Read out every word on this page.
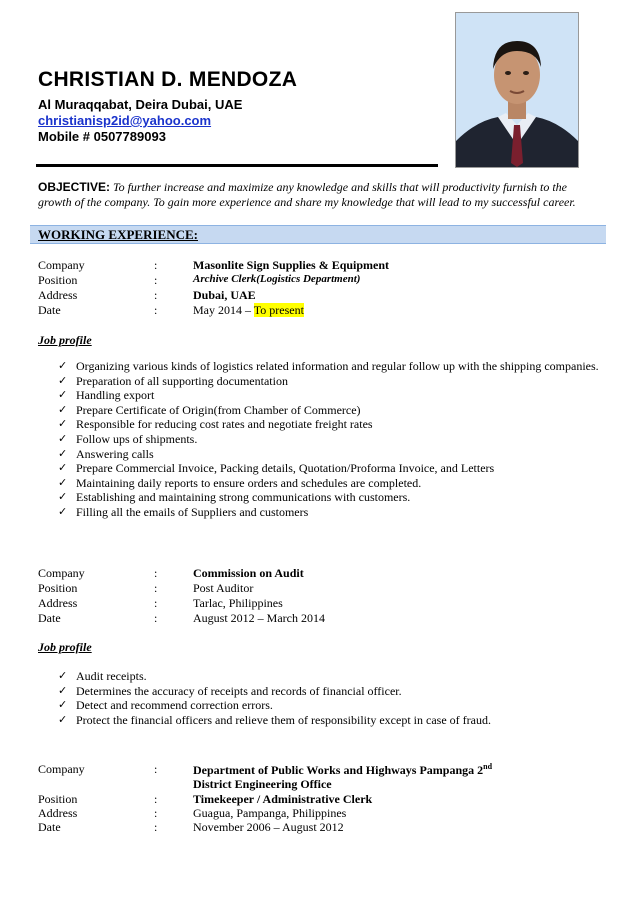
CHRISTIAN D. MENDOZA
Al Muraqqabat, Deira Dubai, UAE
christianisp2id@yahoo.com
Mobile # 0507789093
OBJECTIVE: To further increase and maximize any knowledge and skills that will productivity furnish to the growth of the company. To gain more experience and share my knowledge that will lead to my successful career.
WORKING EXPERIENCE:
Company	:	Masonlite Sign Supplies & Equipment
Position	:	Archive Clerk(Logistics Department)
Address	:	Dubai, UAE
Date	:	May 2014 – To present
Job profile
✓ Organizing various kinds of logistics related information and regular follow up with the shipping companies.
✓ Preparation of all supporting documentation
✓ Handling export
✓ Prepare Certificate of Origin(from Chamber of Commerce)
✓ Responsible for reducing cost rates and negotiate freight rates
✓ Follow ups of shipments.
✓ Answering calls
✓ Prepare Commercial Invoice, Packing details, Quotation/Proforma Invoice, and Letters
✓ Maintaining daily reports to ensure orders and schedules are completed.
✓ Establishing and maintaining strong communications with customers.
✓ Filling all the emails of Suppliers and customers
Company	:	Commission on Audit
Position	:	Post Auditor
Address	:	Tarlac, Philippines
Date	:	August 2012 – March 2014
Job profile
✓ Audit receipts.
✓ Determines the accuracy of receipts and records of financial officer.
✓ Detect and recommend correction errors.
✓ Protect the financial officers and relieve them of responsibility except in case of fraud.
Company	:	Department of Public Works and Highways Pampanga 2nd
District Engineering Office
Position	:	Timekeeper / Administrative Clerk
Address	:	Guagua, Pampanga, Philippines
Date	:	November 2006 – August 2012
